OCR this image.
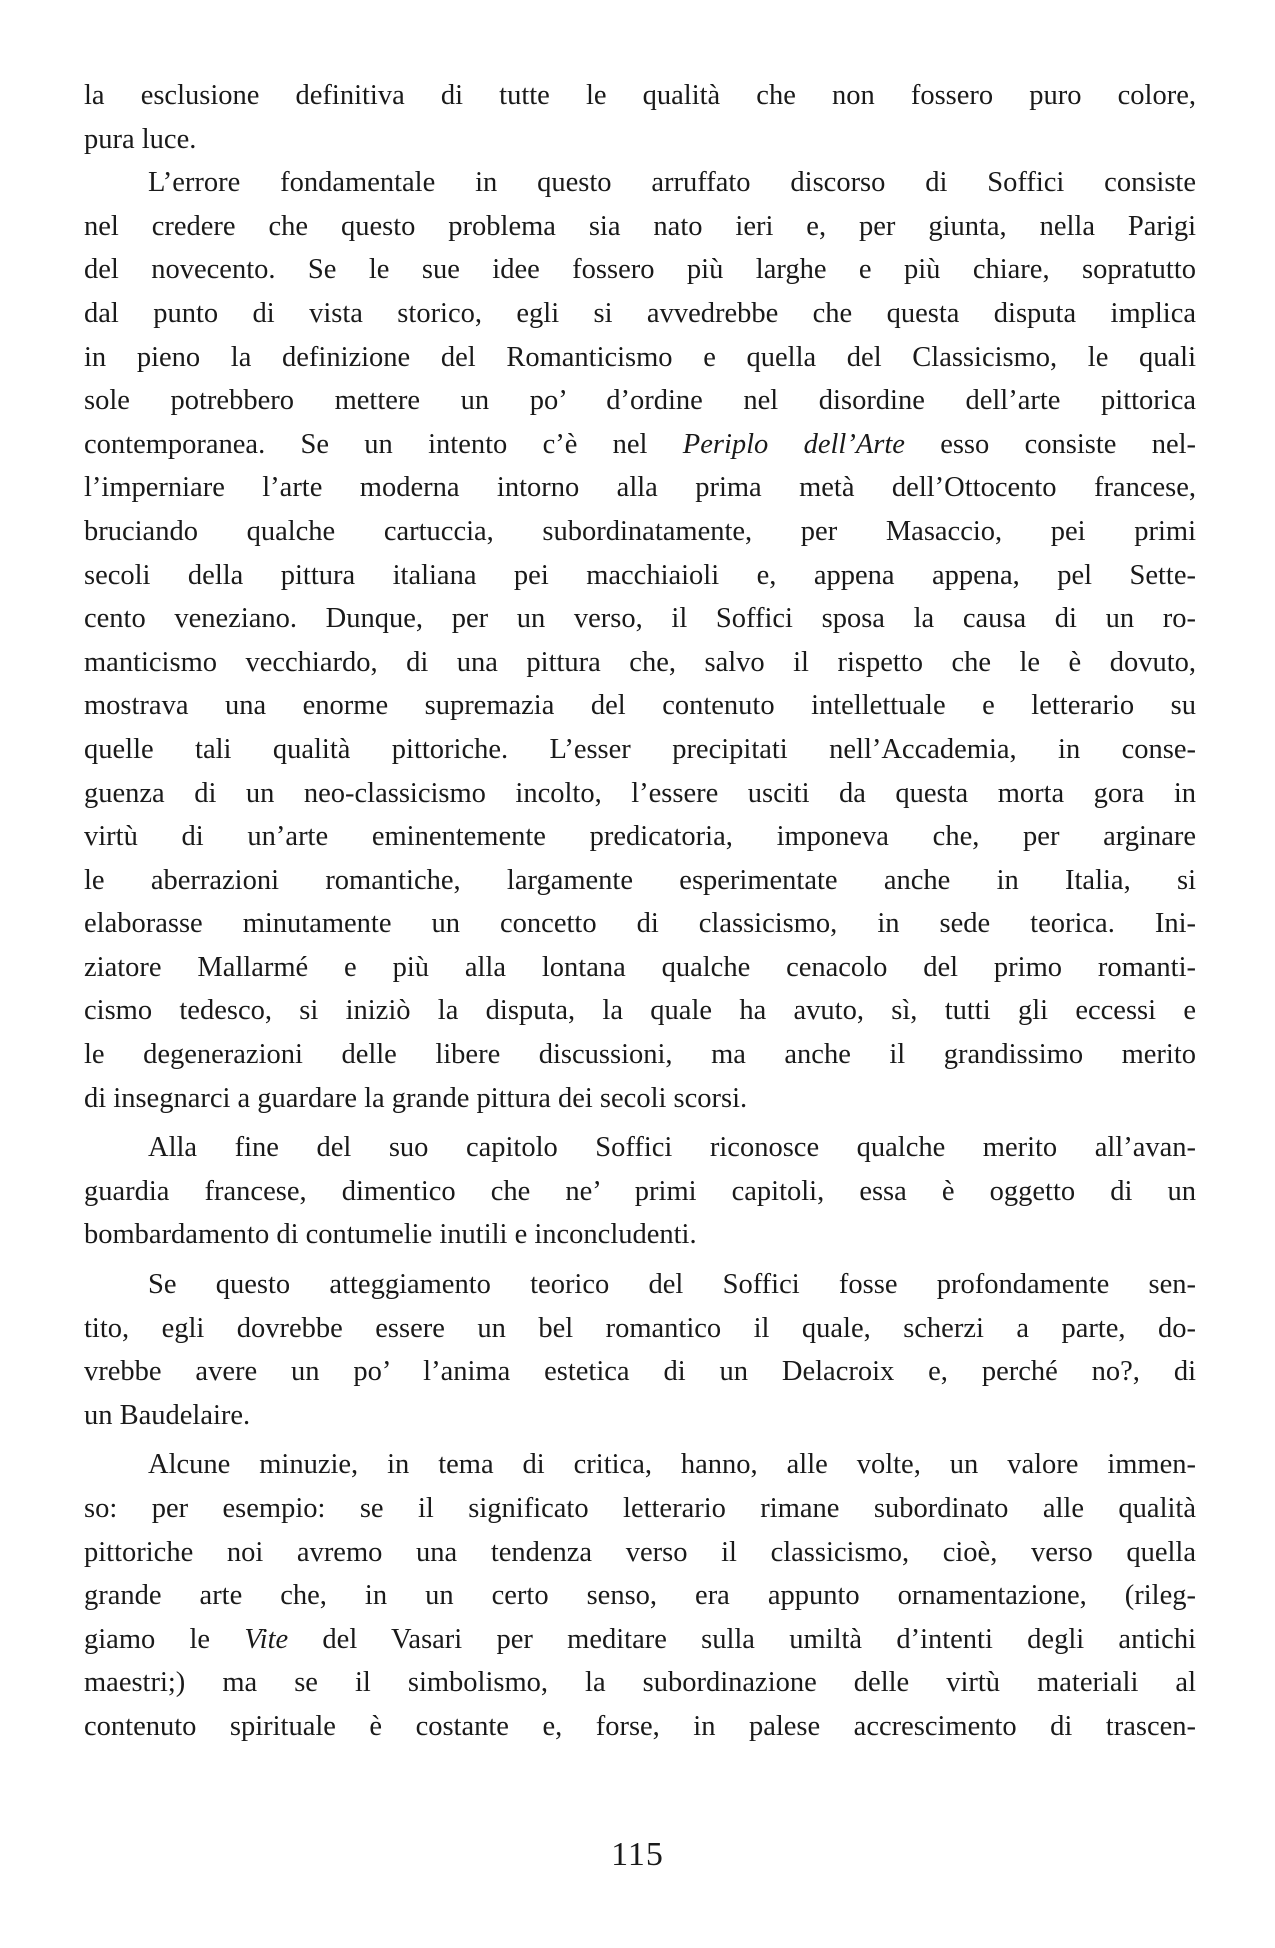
la esclusione definitiva di tutte le qualità che non fossero puro colore,
pura luce.
L’errore fondamentale in questo arruffato discorso di Soffici consiste
nel credere che questo problema sia nato ieri e, per giunta, nella Parigi
del novecento. Se le sue idee fossero più larghe e più chiare, sopratutto
dal punto di vista storico, egli si avvedrebbe che questa disputa implica
in pieno la definizione del Romanticismo e quella del Classicismo, le quali
sole potrebbero mettere un po’ d’ordine nel disordine dell’arte pittorica
contemporanea. Se un intento c’è nel Periplo dell’Arte esso consiste nel-
l’imperniare l’arte moderna intorno alla prima metà dell’Ottocento francese,
bruciando qualche cartuccia, subordinatamente, per Masaccio, pei primi
secoli della pittura italiana pei macchiaioli e, appena appena, pel Sette-
cento veneziano. Dunque, per un verso, il Soffici sposa la causa di un ro-
manticismo vecchiardo, di una pittura che, salvo il rispetto che le è dovuto,
mostrava una enorme supremazia del contenuto intellettuale e letterario su
quelle tali qualità pittoriche. L’esser precipitati nell’Accademia, in conse-
guenza di un neo-classicismo incolto, l’essere usciti da questa morta gora in
virtù di un’arte eminentemente predicatoria, imponeva che, per arginare
le aberrazioni romantiche, largamente esperimentate anche in Italia, si
elaborasse minutamente un concetto di classicismo, in sede teorica. Ini-
ziatore Mallarmé e più alla lontana qualche cenacolo del primo romanti-
cismo tedesco, si iniziò la disputa, la quale ha avuto, sì, tutti gli eccessi e
le degenerazioni delle libere discussioni, ma anche il grandissimo merito
di insegnarci a guardare la grande pittura dei secoli scorsi.
Alla fine del suo capitolo Soffici riconosce qualche merito all’avan-
guardia francese, dimentico che ne’ primi capitoli, essa è oggetto di un
bombardamento di contumelie inutili e inconcludenti.
Se questo atteggiamento teorico del Soffici fosse profondamente sen-
tito, egli dovrebbe essere un bel romantico il quale, scherzi a parte, do-
vrebbe avere un po’ l’anima estetica di un Delacroix e, perché no?, di
un Baudelaire.
Alcune minuzie, in tema di critica, hanno, alle volte, un valore immen-
so: per esempio: se il significato letterario rimane subordinato alle qualità
pittoriche noi avremo una tendenza verso il classicismo, cioè, verso quella
grande arte che, in un certo senso, era appunto ornamentazione, (rileg-
giamo le Vite del Vasari per meditare sulla umiltà d’intenti degli antichi
maestri;) ma se il simbolismo, la subordinazione delle virtù materiali al
contenuto spirituale è costante e, forse, in palese accrescimento di trascen-
115
